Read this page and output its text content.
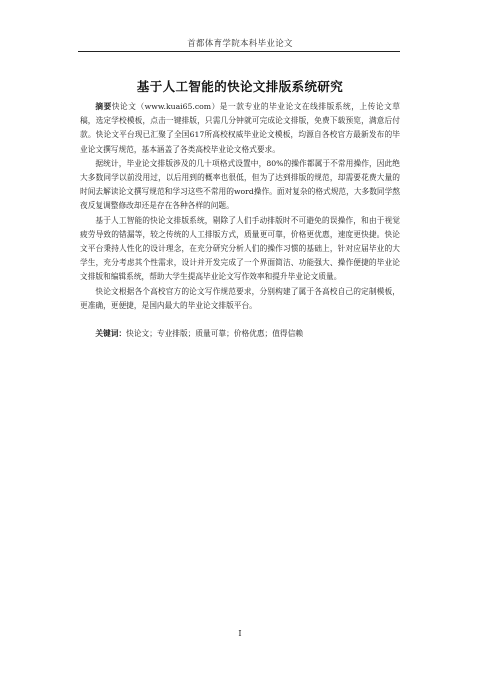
首都体育学院本科毕业论文
基于人工智能的快论文排版系统研究

摘要快论文（www.kuai65.com）是一款专业的毕业论文在线排版系统，上传论文草稿，选定学校模板，点击一键排版，只需几分钟就可完成论文排版，免费下载预览，满意后付款。快论文平台现已汇聚了全国617所高校权威毕业论文模板，均源自各校官方最新发布的毕业论文撰写规范，基本涵盖了各类高校毕业论文格式要求。

据统计，毕业论文排版涉及的几十项格式设置中，80%的操作都属于不常用操作，因此绝大多数同学以前没用过，以后用到的概率也很低，但为了达到排版的规范，却需要花费大量的时间去解读论文撰写规范和学习这些不常用的word操作。面对复杂的格式规范，大多数同学熬夜反复调整修改却还是存在各种各样的问题。

基于人工智能的快论文排版系统，剔除了人们手动排版时不可避免的误操作，和由于视觉疲劳导致的错漏等，较之传统的人工排版方式，质量更可靠，价格更优惠，速度更快捷。快论文平台秉持人性化的设计理念，在充分研究分析人们的操作习惯的基础上，针对应届毕业的大学生，充分考虑其个性需求，设计并开发完成了一个界面简洁、功能强大、操作便捷的毕业论文排版和编辑系统，帮助大学生提高毕业论文写作效率和提升毕业论文质量。

快论文根据各个高校官方的论文写作规范要求，分别构建了属于各高校自己的定制模板，更准确，更便捷，是国内最大的毕业论文排版平台。

关键词：快论文；专业排版；质量可靠；价格优惠；值得信赖
I
